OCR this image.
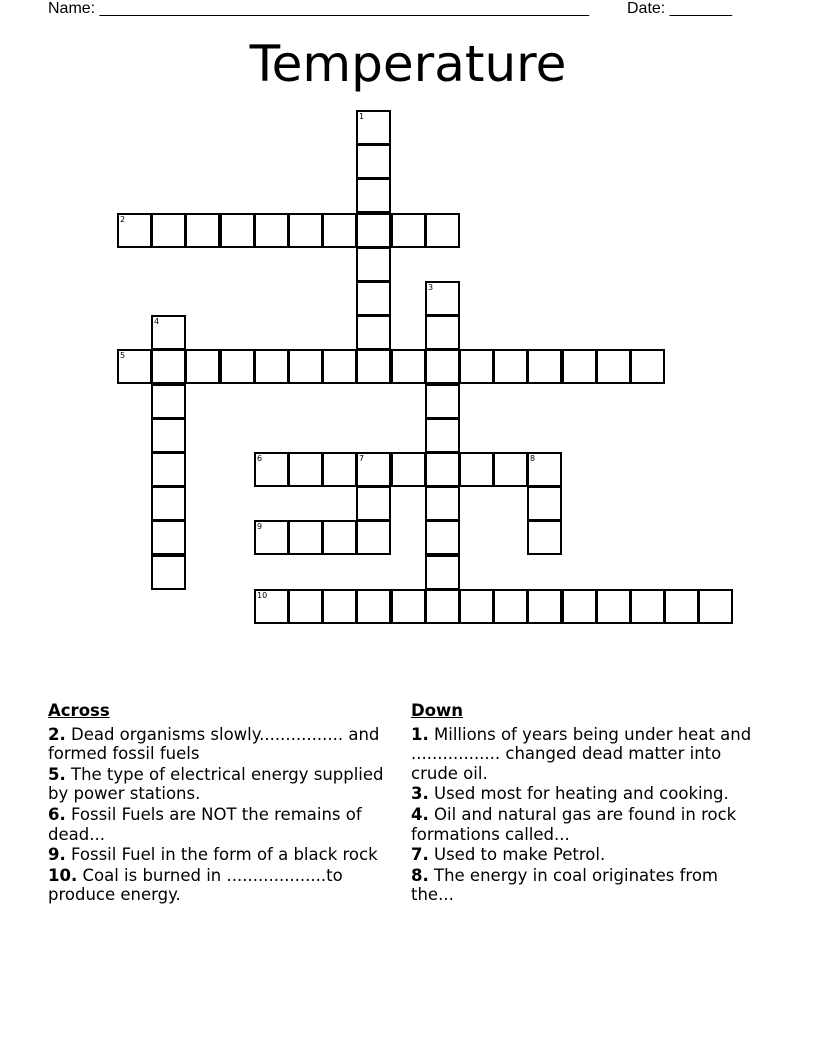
Name: _______________________________________________________ Date: _______
Temperature
1
2
3
4
5
6	7	8
9
10
Across
2. Dead organisms slowly................ and formed fossil fuels
5. The type of electrical energy supplied by power stations.
6. Fossil Fuels are NOT the remains of dead...
9. Fossil Fuel in the form of a black rock
10. Coal is burned in ...................to produce energy.
Down
1. Millions of years being under heat and ................. changed dead matter into crude oil.
3. Used most for heating and cooking.
4. Oil and natural gas are found in rock formations called...
7. Used to make Petrol.
8. The energy in coal originates from the...
